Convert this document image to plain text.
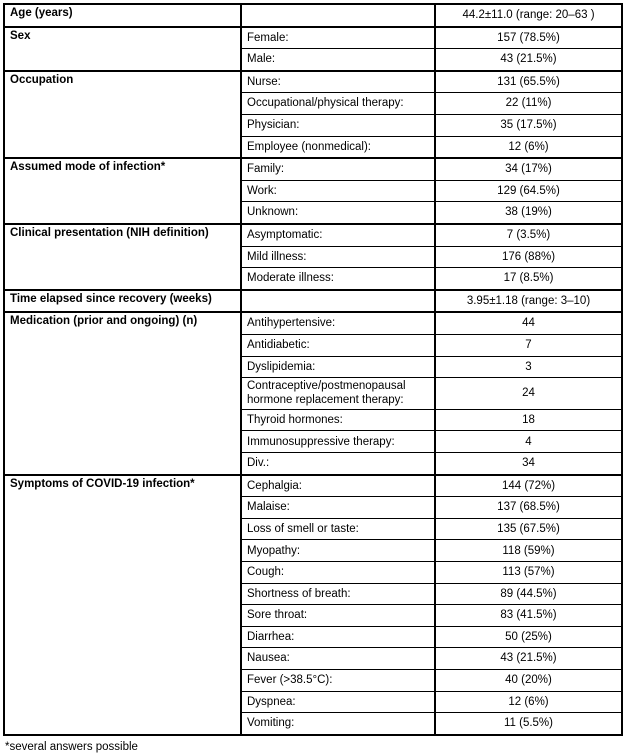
Age (years)		44.2±11.0 (range: 20–63 )
Sex	Female:	157 (78.5%)
	Male:	43 (21.5%)
Occupation	Nurse:	131 (65.5%)
	Occupational/physical therapy:	22 (11%)
	Physician:	35 (17.5%)
	Employee (nonmedical):	12 (6%)
Assumed mode of infection*	Family:	34 (17%)
	Work:	129 (64.5%)
	Unknown:	38 (19%)
Clinical presentation (NIH definition)	Asymptomatic:	7 (3.5%)
	Mild illness:	176 (88%)
	Moderate illness:	17 (8.5%)
Time elapsed since recovery (weeks)		3.95±1.18 (range: 3–10)
Medication (prior and ongoing) (n)	Antihypertensive:	44
	Antidiabetic:	7
	Dyslipidemia:	3
	Contraceptive/postmenopausal hormone replacement therapy:	24
	Thyroid hormones:	18
	Immunosuppressive therapy:	4
	Div.:	34
Symptoms of COVID-19 infection*	Cephalgia:	144 (72%)
	Malaise:	137 (68.5%)
	Loss of smell or taste:	135 (67.5%)
	Myopathy:	118 (59%)
	Cough:	113 (57%)
	Shortness of breath:	89 (44.5%)
	Sore throat:	83 (41.5%)
	Diarrhea:	50 (25%)
	Nausea:	43 (21.5%)
	Fever (>38.5°C):	40 (20%)
	Dyspnea:	12 (6%)
	Vomiting:	11 (5.5%)
*several answers possible
